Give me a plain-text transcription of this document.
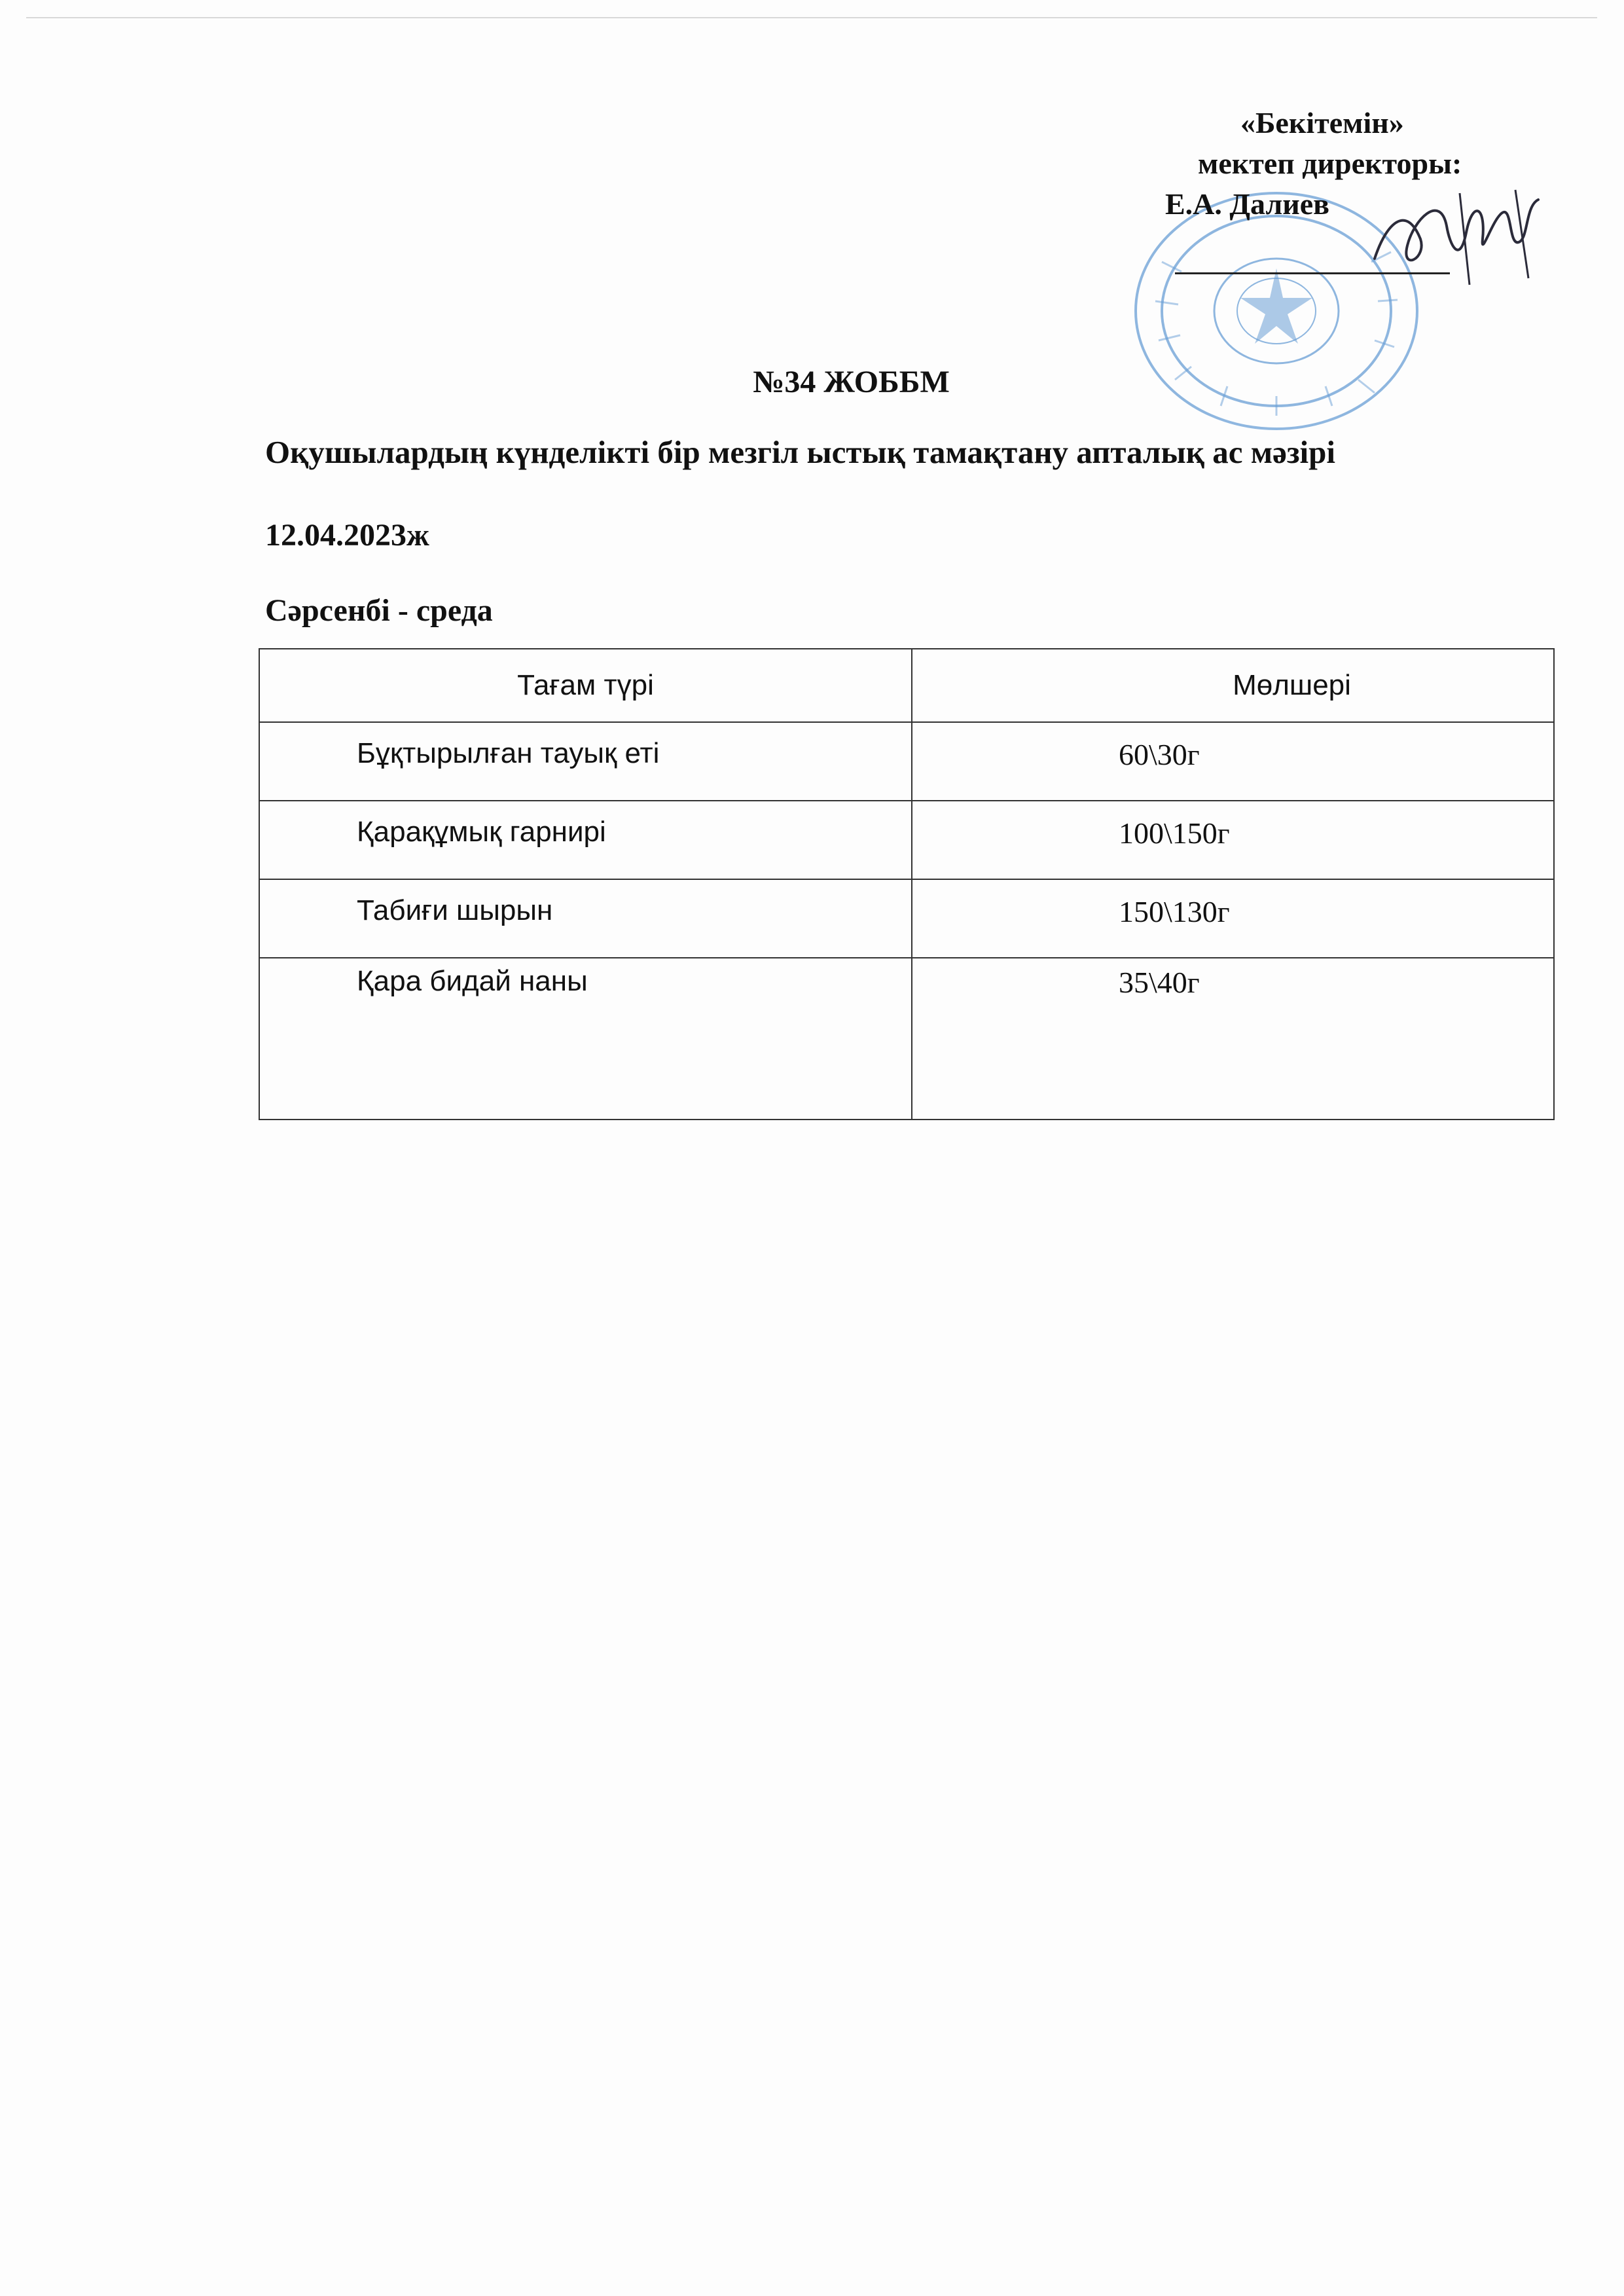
«Бекітемін»
мектеп директоры:
Е.А. Далиев
№34 ЖОББМ
Оқушылардың күнделікті бір мезгіл ыстық тамақтану апталық ас мәзірі
12.04.2023ж
Сәрсенбі - среда
Тағам түрі	Мөлшері

Бұқтырылған тауық еті	60\30г

Қарақұмық гарнирі	100\150г

Табиғи шырын	150\130г

Қара бидай наны	35\40г
